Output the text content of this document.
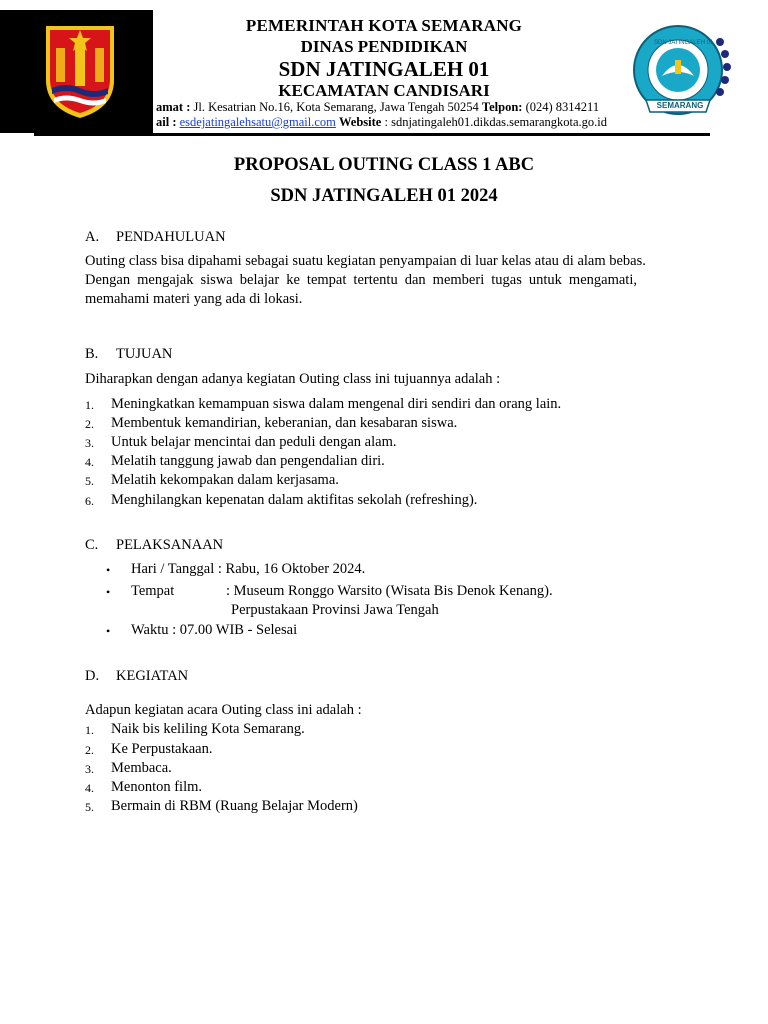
SEMARANG
SDN JATINGALEH 01
PEMERINTAH KOTA SEMARANG
DINAS PENDIDIKAN
SDN JATINGALEH 01
KECAMATAN CANDISARI
amat : Jl. Kesatrian No.16, Kota Semarang, Jawa Tengah 50254 Telpon: (024) 8314211
ail : esdejatingalehsatu@gmail.com Website : sdnjatingaleh01.dikdas.semarangkota.go.id
PROPOSAL OUTING CLASS 1 ABC
SDN JATINGALEH 01 2024
A. PENDAHULUAN
Outing class bisa dipahami sebagai suatu kegiatan penyampaian di luar kelas atau di alam bebas.
Dengan mengajak siswa belajar ke tempat tertentu dan memberi tugas untuk mengamati,
memahami materi yang ada di lokasi.
B. TUJUAN
Diharapkan dengan adanya kegiatan Outing class ini tujuannya adalah :
1. Meningkatkan kemampuan siswa dalam mengenal diri sendiri dan orang lain.
2. Membentuk kemandirian, keberanian, dan kesabaran siswa.
3. Untuk belajar mencintai dan peduli dengan alam.
4. Melatih tanggung jawab dan pengendalian diri.
5. Melatih kekompakan dalam kerjasama.
6. Menghilangkan kepenatan dalam aktifitas sekolah (refreshing).
C. PELAKSANAAN
• Hari / Tanggal : Rabu, 16 Oktober 2024.
• Tempat	: Museum Ronggo Warsito (Wisata Bis Denok Kenang).
Perpustakaan Provinsi Jawa Tengah
• Waktu : 07.00 WIB - Selesai
D. KEGIATAN
Adapun kegiatan acara Outing class ini adalah :
1. Naik bis keliling Kota Semarang.
2. Ke Perpustakaan.
3. Membaca.
4. Menonton film.
5. Bermain di RBM (Ruang Belajar Modern)
